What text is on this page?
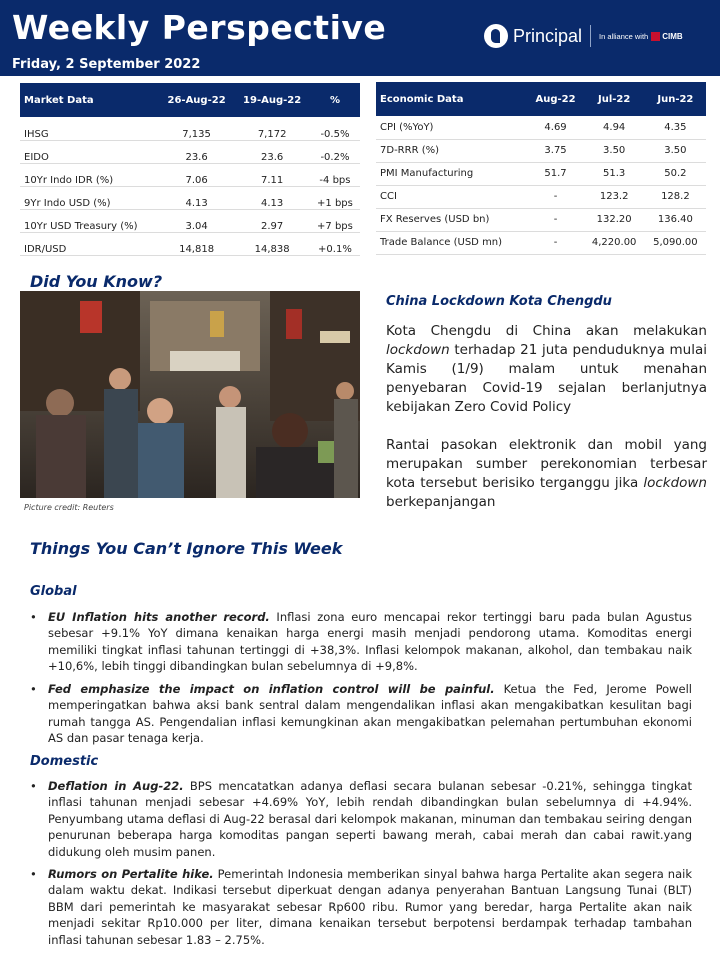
Weekly Perspective
Friday, 2 September 2022
Principal In alliance with CIMB
Market Data	26-Aug-22	19-Aug-22	%
IHSG	7,135	7,172	-0.5%
EIDO	23.6	23.6	-0.2%
10Yr Indo IDR (%)	7.06	7.11	-4 bps
9Yr Indo USD (%)	4.13	4.13	+1 bps
10Yr USD Treasury (%)	3.04	2.97	+7 bps
IDR/USD	14,818	14,838	+0.1%
Economic Data	Aug-22	Jul-22	Jun-22
CPI (%YoY)	4.69	4.94	4.35
7D-RRR (%)	3.75	3.50	3.50
PMI Manufacturing	51.7	51.3	50.2
CCI	-	123.2	128.2
FX Reserves (USD bn)	-	132.20	136.40
Trade Balance (USD mn)	-	4,220.00	5,090.00
Did You Know?
Picture credit: Reuters
China Lockdown Kota Chengdu

Kota Chengdu di China akan melakukan lockdown terhadap 21 juta penduduknya mulai Kamis (1/9) malam untuk menahan penyebaran Covid-19 sejalan berlanjutnya kebijakan Zero Covid Policy

Rantai pasokan elektronik dan mobil yang merupakan sumber perekonomian terbesar kota tersebut berisiko terganggu jika lockdown berkepanjangan

Things You Can’t Ignore This Week
Global
• EU Inflation hits another record. Inflasi zona euro mencapai rekor tertinggi baru pada bulan Agustus sebesar +9.1% YoY dimana kenaikan harga energi masih menjadi pendorong utama. Komoditas energi memiliki tingkat inflasi tahunan tertinggi di +38,3%. Inflasi kelompok makanan, alkohol, dan tembakau naik +10,6%, lebih tinggi dibandingkan bulan sebelumnya di +9,8%.
• Fed emphasize the impact on inflation control will be painful. Ketua the Fed, Jerome Powell memperingatkan bahwa aksi bank sentral dalam mengendalikan inflasi akan mengakibatkan kesulitan bagi rumah tangga AS. Pengendalian inflasi kemungkinan akan mengakibatkan pelemahan pertumbuhan ekonomi AS dan pasar tenaga kerja.
Domestic
• Deflation in Aug-22. BPS mencatatkan adanya deflasi secara bulanan sebesar -0.21%, sehingga tingkat inflasi tahunan menjadi sebesar +4.69% YoY, lebih rendah dibandingkan bulan sebelumnya di +4.94%. Penyumbang utama deflasi di Aug-22 berasal dari kelompok makanan, minuman dan tembakau seiring dengan penurunan beberapa harga komoditas pangan seperti bawang merah, cabai merah dan cabai rawit.yang didukung oleh musim panen.
• Rumors on Pertalite hike. Pemerintah Indonesia memberikan sinyal bahwa harga Pertalite akan segera naik dalam waktu dekat. Indikasi tersebut diperkuat dengan adanya penyerahan Bantuan Langsung Tunai (BLT) BBM dari pemerintah ke masyarakat sebesar Rp600 ribu. Rumor yang beredar, harga Pertalite akan naik menjadi sekitar Rp10.000 per liter, dimana kenaikan tersebut berpotensi berdampak terhadap tambahan inflasi tahunan sebesar 1.83 – 2.75%.
